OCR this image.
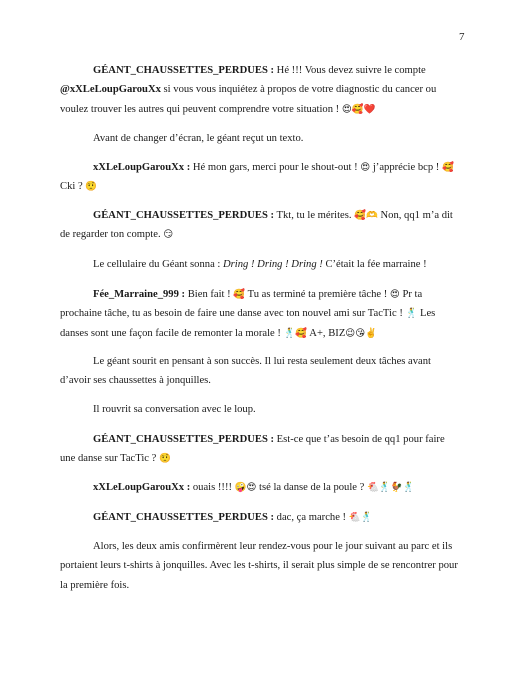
7

GÉANT_CHAUSSETTES_PERDUES : Hé !!! Vous devez suivre le compte @xXLeLoupGarouXx si vous vous inquiétez à propos de votre diagnostic du cancer ou voulez trouver les autres qui peuvent comprendre votre situation ! 😍🥰❤️

Avant de changer d’écran, le géant reçut un texto.

xXLeLoupGarouXx : Hé mon gars, merci pour le shout-out ! 😍 j’apprécie bcp ! 🥰 Cki ? 🤨

GÉANT_CHAUSSETTES_PERDUES : Tkt, tu le mérites. 🥰🫶 Non, qq1 m’a dit de regarder ton compte. 😏

Le cellulaire du Géant sonna : Dring ! Dring ! Dring ! C’était la fée marraine !

Fée_Marraine_999 : Bien fait ! 🥰 Tu as terminé ta première tâche ! 😍 Pr ta prochaine tâche, tu as besoin de faire une danse avec ton nouvel ami sur TacTic ! 🕺 Les danses sont une façon facile de remonter la morale ! 🕺🥰 A+, BIZ😉😘✌️

Le géant sourit en pensant à son succès. Il lui resta seulement deux tâches avant d’avoir ses chaussettes à jonquilles.

Il rouvrit sa conversation avec le loup.

GÉANT_CHAUSSETTES_PERDUES : Est-ce que t’as besoin de qq1 pour faire une danse sur TacTic ? 🤨

xXLeLoupGarouXx : ouais !!!! 🤪😍 tsé la danse de la poule ? 🐔🕺🐓🕺

GÉANT_CHAUSSETTES_PERDUES : dac, ça marche ! 🐔🕺

Alors, les deux amis confirmèrent leur rendez-vous pour le jour suivant au parc et ils portaient leurs t-shirts à jonquilles. Avec les t-shirts, il serait plus simple de se rencontrer pour la première fois.
